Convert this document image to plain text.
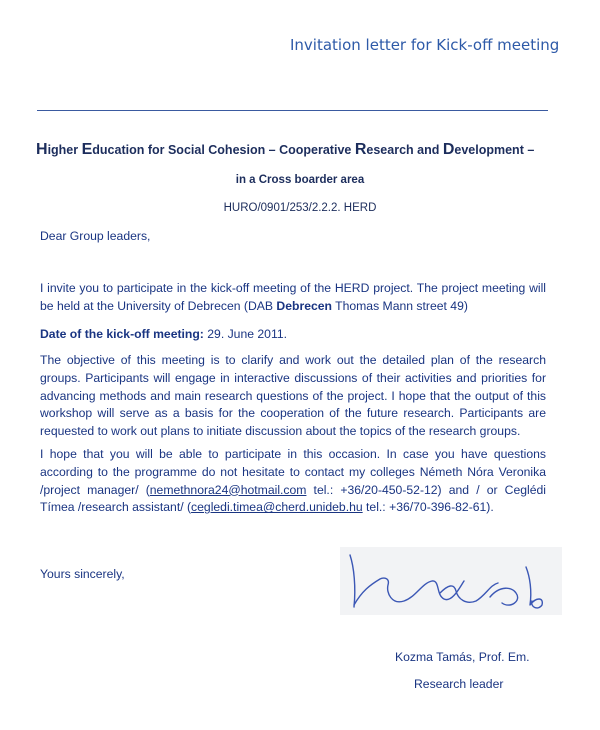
Invitation letter for Kick-off meeting
Higher Education for Social Cohesion – Cooperative Research and Development –
in a Cross boarder area
HURO/0901/253/2.2.2. HERD

Dear Group leaders,

I invite you to participate in the kick-off meeting of the HERD project. The project meeting will be held at the University of Debrecen (DAB Debrecen Thomas Mann street 49)

Date of the kick-off meeting: 29. June 2011.

The objective of this meeting is to clarify and work out the detailed plan of the research groups. Participants will engage in interactive discussions of their activities and priorities for advancing methods and main research questions of the project. I hope that the output of this workshop will serve as a basis for the cooperation of the future research. Participants are requested to work out plans to initiate discussion about the topics of the research groups.

I hope that you will be able to participate in this occasion. In case you have questions according to the programme do not hesitate to contact my colleges Németh Nóra Veronika /project manager/ (nemethnora24@hotmail.com tel.: +36/20-450-52-12) and / or Ceglédi Tímea /research assistant/ (cegledi.timea@cherd.unideb.hu tel.: +36/70-396-82-61).

Yours sincerely,

Kozma Tamás, Prof. Em.
Research leader
